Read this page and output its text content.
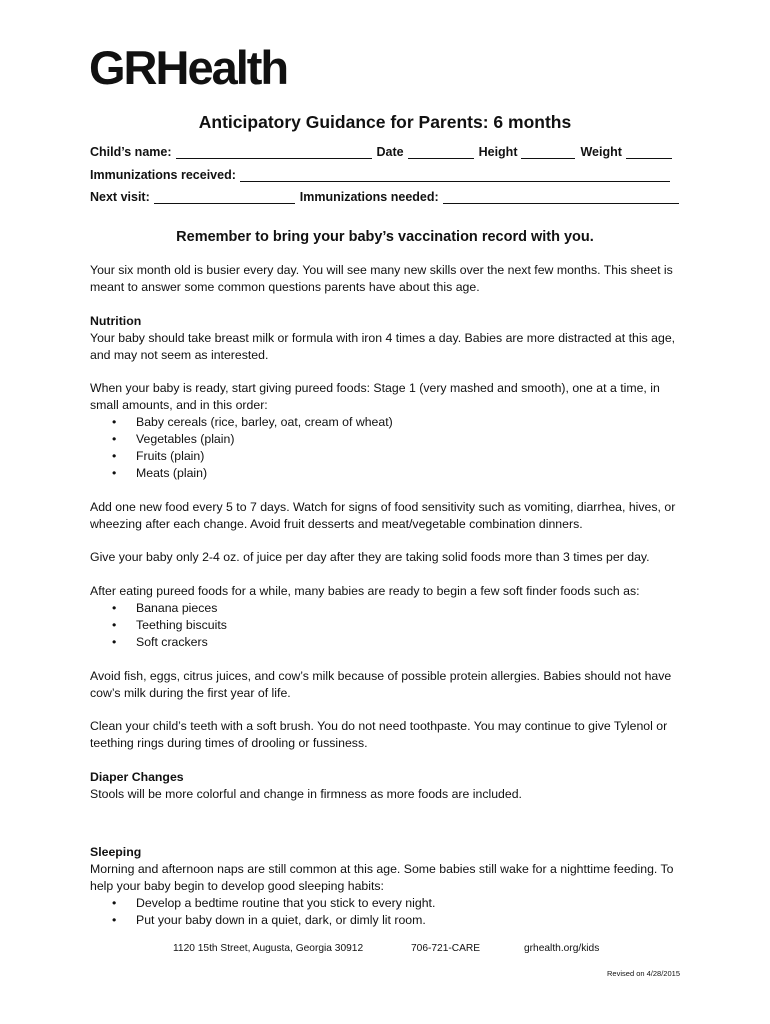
GRHealth
Anticipatory Guidance for Parents: 6 months
Child’s name:	Date	Height	Weight
Immunizations received:
Next visit:	Immunizations needed:
Remember to bring your baby’s vaccination record with you.

Your six month old is busier every day. You will see many new skills over the next few months. This sheet is meant to answer some common questions parents have about this age.

Nutrition

Your baby should take breast milk or formula with iron 4 times a day. Babies are more distracted at this age, and may not seem as interested.

When your baby is ready, start giving pureed foods: Stage 1 (very mashed and smooth), one at a time, in small amounts, and in this order:

• Baby cereals (rice, barley, oat, cream of wheat)
• Vegetables (plain)
• Fruits (plain)
• Meats (plain)

Add one new food every 5 to 7 days. Watch for signs of food sensitivity such as vomiting, diarrhea, hives, or wheezing after each change. Avoid fruit desserts and meat/vegetable combination dinners.

Give your baby only 2-4 oz. of juice per day after they are taking solid foods more than 3 times per day.

After eating pureed foods for a while, many babies are ready to begin a few soft finder foods such as:

• Banana pieces
• Teething biscuits
• Soft crackers

Avoid fish, eggs, citrus juices, and cow’s milk because of possible protein allergies. Babies should not have cow’s milk during the first year of life.

Clean your child’s teeth with a soft brush. You do not need toothpaste. You may continue to give Tylenol or teething rings during times of drooling or fussiness.

Diaper Changes

Stools will be more colorful and change in firmness as more foods are included.

Sleeping

Morning and afternoon naps are still common at this age. Some babies still wake for a nighttime feeding. To help your baby begin to develop good sleeping habits:

• Develop a bedtime routine that you stick to every night.
• Put your baby down in a quiet, dark, or dimly lit room.
1120 15th Street, Augusta, Georgia 30912	706-721-CARE	grhealth.org/kids
Revised on 4/28/2015
